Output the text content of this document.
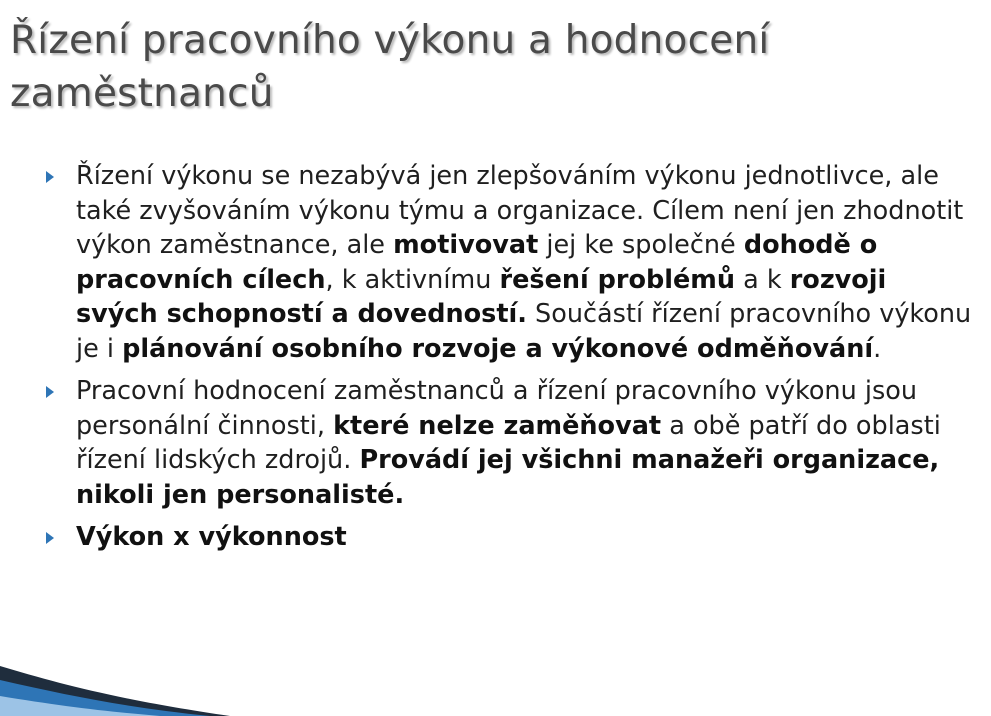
Řízení pracovního výkonu a hodnocení zaměstnanců
Řízení výkonu se nezabývá jen zlepšováním výkonu jednotlivce, ale také zvyšováním výkonu týmu a organizace. Cílem není jen zhodnotit výkon zaměstnance, ale motivovat jej ke společné dohodě o pracovních cílech, k aktivnímu řešení problémů a k rozvoji svých schopností a dovedností. Součástí řízení pracovního výkonu je i plánování osobního rozvoje a výkonové odměňování.
Pracovní hodnocení zaměstnanců a řízení pracovního výkonu jsou personální činnosti, které nelze zaměňovat a obě patří do oblasti řízení lidských zdrojů. Provádí jej všichni manažeři organizace, nikoli jen personalisté.
Výkon x výkonnost
